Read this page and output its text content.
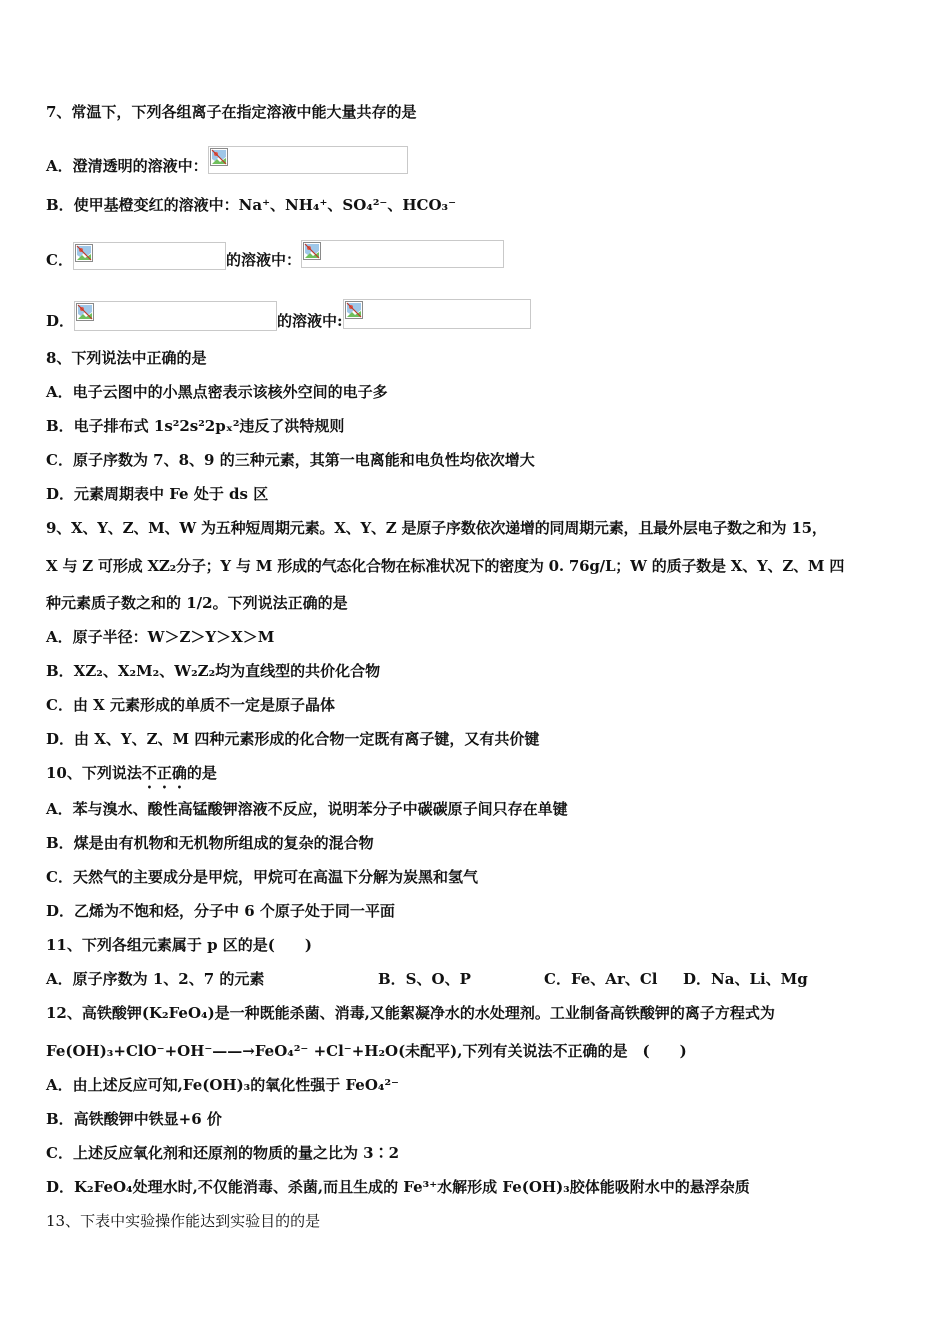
7、常温下，下列各组离子在指定溶液中能大量共存的是
A．澄清透明的溶液中：
B．使甲基橙变红的溶液中：Na⁺、NH₄⁺、SO₄²⁻、HCO₃⁻
C．	的溶液中：
D．	的溶液中:
8、下列说法中正确的是
A．电子云图中的小黑点密表示该核外空间的电子多
B．电子排布式 1s²2s²2pₓ²违反了洪特规则
C．原子序数为 7、8、9 的三种元素，其第一电离能和电负性均依次增大
D．元素周期表中 Fe 处于 ds 区
9、X、Y、Z、M、W 为五种短周期元素。X、Y、Z 是原子序数依次递增的同周期元素，且最外层电子数之和为 15，
X 与 Z 可形成 XZ₂分子；Y 与 M 形成的气态化合物在标准状况下的密度为 0. 76g/L；W 的质子数是 X、Y、Z、M 四
种元素质子数之和的 1/2。下列说法正确的是
A．原子半径：W＞Z＞Y＞X＞M
B．XZ₂、X₂M₂、W₂Z₂均为直线型的共价化合物
C．由 X 元素形成的单质不一定是原子晶体
D．由 X、Y、Z、M 四种元素形成的化合物一定既有离子键，又有共价键
10、下列说法不正确的是
A．苯与溴水、酸性高锰酸钾溶液不反应，说明苯分子中碳碳原子间只存在单键
B．煤是由有机物和无机物所组成的复杂的混合物
C．天然气的主要成分是甲烷，甲烷可在高温下分解为炭黑和氢气
D．乙烯为不饱和烃，分子中 6 个原子处于同一平面
11、下列各组元素属于 p 区的是(　　)
A．原子序数为 1、2、7 的元素	B．S、O、P	C．Fe、Ar、Cl D．Na、Li、Mg
12、高铁酸钾(K₂FeO₄)是一种既能杀菌、消毒,又能絮凝净水的水处理剂。工业制备高铁酸钾的离子方程式为
Fe(OH)₃+ClO⁻+OH⁻——→FeO₄²⁻ +Cl⁻+H₂O(未配平),下列有关说法不正确的是　(　　)
A．由上述反应可知,Fe(OH)₃的氧化性强于 FeO₄²⁻
B．高铁酸钾中铁显+6 价
C．上述反应氧化剂和还原剂的物质的量之比为 3∶2
D．K₂FeO₄处理水时,不仅能消毒、杀菌,而且生成的 Fe³⁺水解形成 Fe(OH)₃胶体能吸附水中的悬浮杂质
13、下表中实验操作能达到实验目的的是
